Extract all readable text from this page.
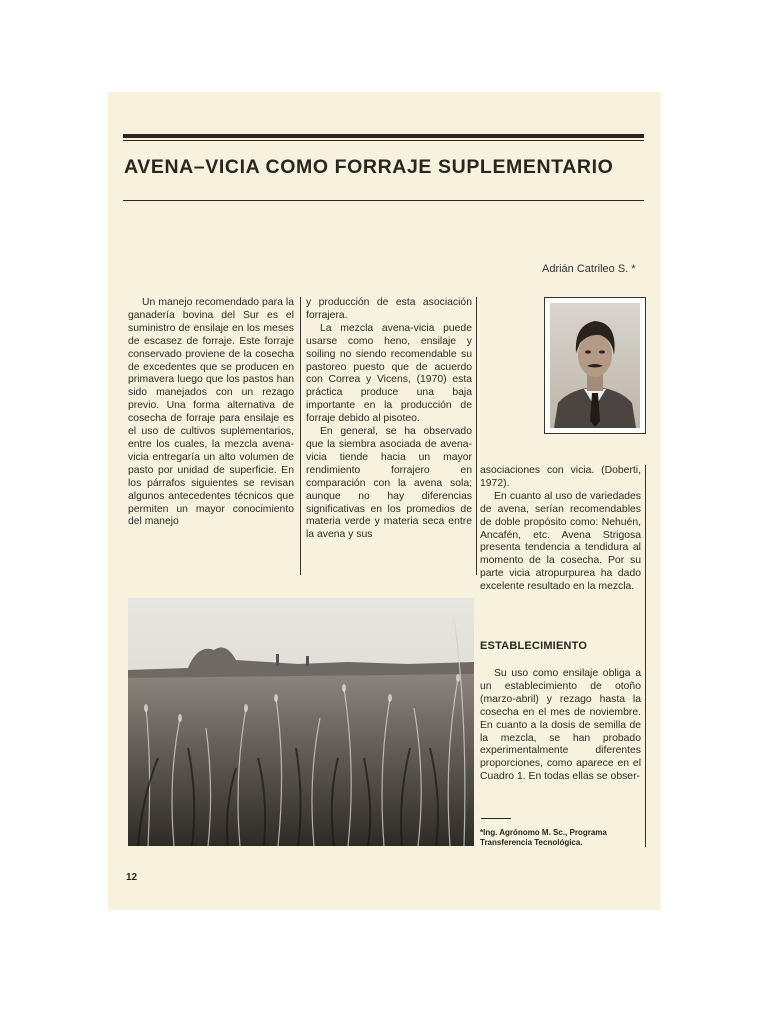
AVENA–VICIA COMO FORRAJE SUPLEMENTARIO
Adrián Catrileo S. *

Un manejo recomendado para la ganadería bovina del Sur es el suministro de ensilaje en los meses de escasez de forraje. Este forraje conservado proviene de la cosecha de excedentes que se producen en primavera luego que los pastos han sido manejados con un rezago previo. Una forma alternativa de cosecha de forraje para ensilaje es el uso de cultivos suplementarios, entre los cuales, la mezcla avena-vicia entregaría un alto volumen de pasto por unidad de superficie. En los párrafos siguientes se revisan algunos antecedentes técnicos que permiten un mayor conocimiento del manejo

y producción de esta asociación forrajera.

La mezcla avena-vicia puede usarse como heno, ensilaje y soiling no siendo recomendable su pastoreo puesto que de acuerdo con Correa y Vicens, (1970) esta práctica produce una baja importante en la producción de forraje debido al pisoteo.

En general, se ha observado que la siembra asociada de avena-vicia tiende hacia un mayor rendimiento forrajero en comparación con la avena sola; aunque no hay diferencias significativas en los promedios de materia verde y materia seca entre la avena y sus

asociaciones con vicia. (Doberti, 1972).

En cuanto al uso de variedades de avena, serían recomendables de doble propósito como: Nehuén, Ancafén, etc. Avena Strigosa presenta tendencia a tendidura al momento de la cosecha. Por su parte vicia atropurpurea ha dado excelente resultado en la mezcla.

ESTABLECIMIENTO

Su uso como ensilaje obliga a un establecimiento de otoño (marzo-abril) y rezago hasta la cosecha en el mes de noviembre. En cuanto a la dosis de semilla de la mezcla, se han probado experimentalmente diferentes proporciones, como aparece en el Cuadro 1. En todas ellas se obser-

*Ing. Agrónomo M. Sc., Programa Transferencia Tecnológica.
12
